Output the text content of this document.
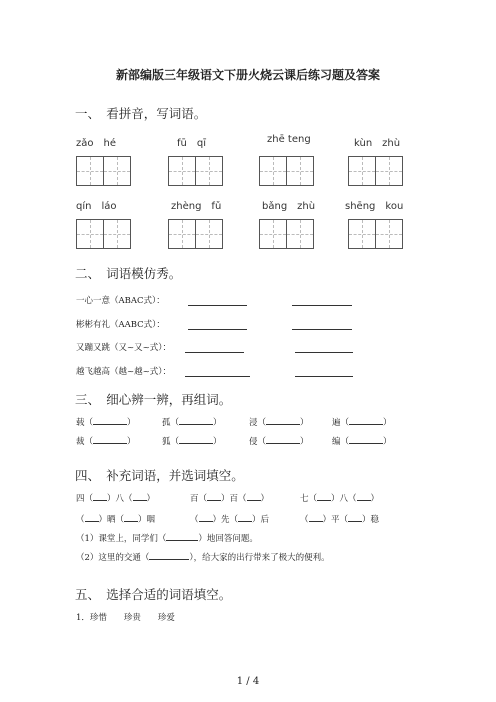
新部编版三年级语文下册火烧云课后练习题及答案
一、　看拼音，写词语。
zǎo　hé	fū　qī	zhē teng	kùn　zhù
qín　láo	zhèng　fǔ	bǎng　zhù	shēng　kou
二、　词语模仿秀。
一心一意（ABAC式）：
彬彬有礼（AABC式）：
又蹦又跳（又~又~式）：
越飞越高（越~越~式）：
三、　细心辨一辨，再组词。
载（	）	孤（	）	浸（	）	遍（	）
裁（	）	狐（	）	侵（	）	编（	）
四、　补充词语，并选词填空。
四（ ）八（ ）	百（ ）百（ ）	七（ ）八（ ）
（ ）晒（ ）咽	（ ）先（ ）后	（ ）平（ ）稳
（1）课堂上，同学们（	）地回答问题。
（2）这里的交通（	），给大家的出行带来了极大的便利。
五、　选择合适的词语填空。
1．珍惜　　珍贵　　珍爱
1 / 4
